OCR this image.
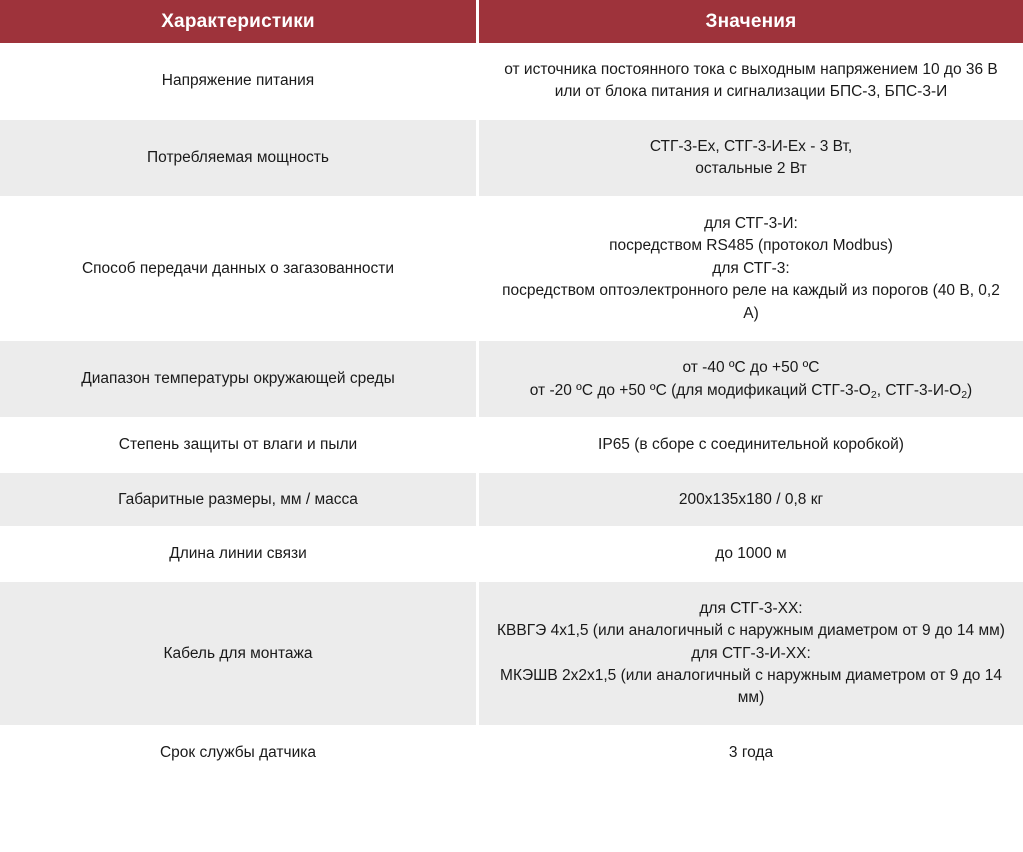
Характеристики	Значения
Напряжение питания	от источника постоянного тока с выходным напряжением 10 до 36 В или от блока питания и сигнализации БПС-3, БПС-3-И

Потребляемая мощность	СТГ-3-Ex, СТГ-3-И-Ex - 3 Вт,
остальные 2 Вт

Способ передачи данных о загазованности	для СТГ-3-И:
посредством RS485 (протокол Modbus)
для СТГ-3:
посредством оптоэлектронного реле на каждый из порогов (40 В, 0,2 А)

Диапазон температуры окружающей среды	от -40 ºС до +50 ºС
от -20 ºС до +50 ºС (для модификаций СТГ-$3-О_2$, СТГ-$3-И-О_2$)

Степень защиты от влаги и пыли	IP65 (в сборе с соединительной коробкой)

Габаритные размеры, мм / масса	200x135x180 / 0,8 кг

Длина линии связи	до 1000 м

Кабель для монтажа	для СТГ-3-ХХ:
КВВГЭ 4х1,5 (или аналогичный с наружным диаметром от 9 до 14 мм)
для СТГ-3-И-ХХ:
МКЭШВ 2х2х1,5 (или аналогичный с наружным диаметром от 9 до 14 мм)

Срок службы датчика	3 года
